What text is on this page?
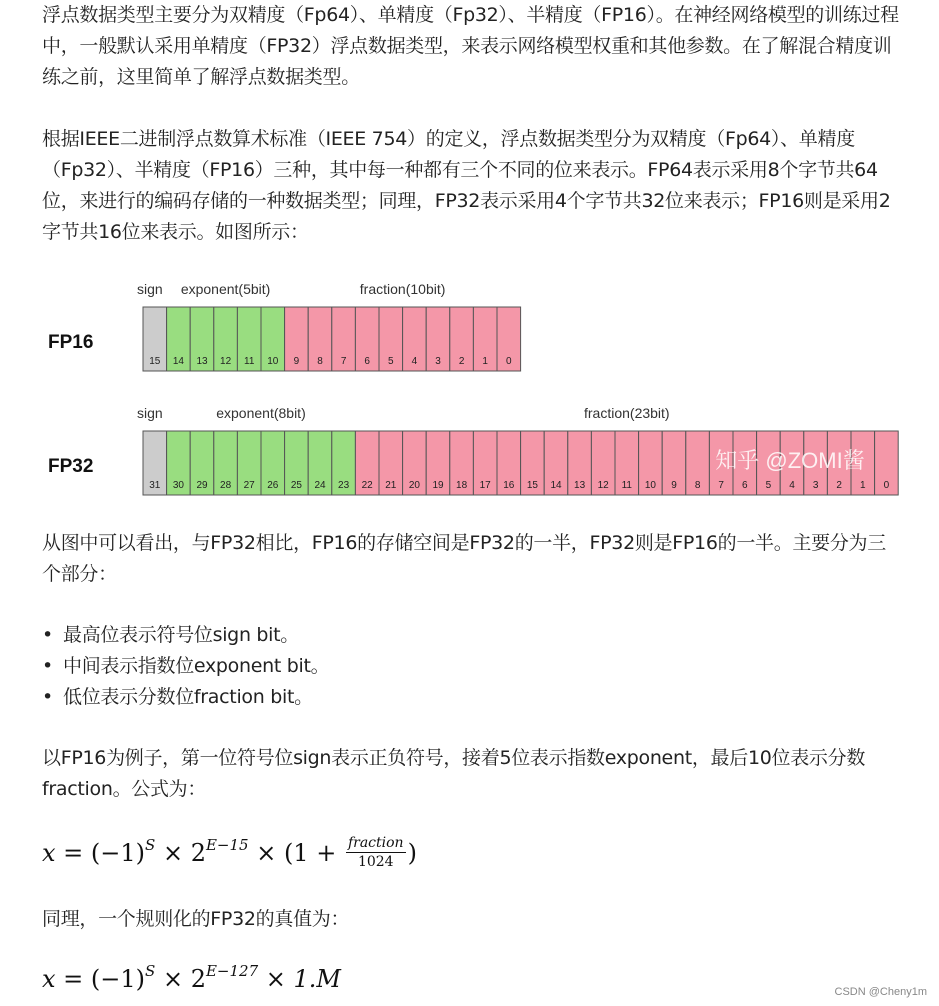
浮点数据类型主要分为双精度（Fp64）、单精度（Fp32）、半精度（FP16）。在神经网络模型的训练过程中，一般默认采用单精度（FP32）浮点数据类型，来表示网络模型权重和其他参数。在了解混合精度训练之前，这里简单了解浮点数据类型。

根据IEEE二进制浮点数算术标准（IEEE 754）的定义，浮点数据类型分为双精度（Fp64）、单精度（Fp32）、半精度（FP16）三种，其中每一种都有三个不同的位来表示。FP64表示采用8个字节共64位，来进行的编码存储的一种数据类型；同理，FP32表示采用4个字节共32位来表示；FP16则是采用2字节共16位来表示。如图所示：

FP16
sign exponent(5bit)	fraction(10bit)
15 14 13 12 11 10 9 8 7 6 5 4 3 2 1 0
FP32
sign	exponent(8bit)	fraction(23bit)
31 30 29 28 27 26 25 24 23 22 21 20 19 18 17 16 15 14 13 12 11 10 9 8 7 6 5 4 3 2 1 0
知乎 @ZOMI酱

从图中可以看出，与FP32相比，FP16的存储空间是FP32的一半，FP32则是FP16的一半。主要分为三个部分：

• 最高位表示符号位sign bit。
• 中间表示指数位exponent bit。
• 低位表示分数位fraction bit。

以FP16为例子，第一位符号位sign表示正负符号，接着5位表示指数exponent，最后10位表示分数fraction。公式为：

$x = (-1)^S \times 2^{E-15} \times (1 + \frac{\text{fraction}}{1024}$ )

同理，一个规则化的FP32的真值为：

$x = (-1)^S \times 2^{E-127} \times 1.M$	CSDN @Cheny1m
